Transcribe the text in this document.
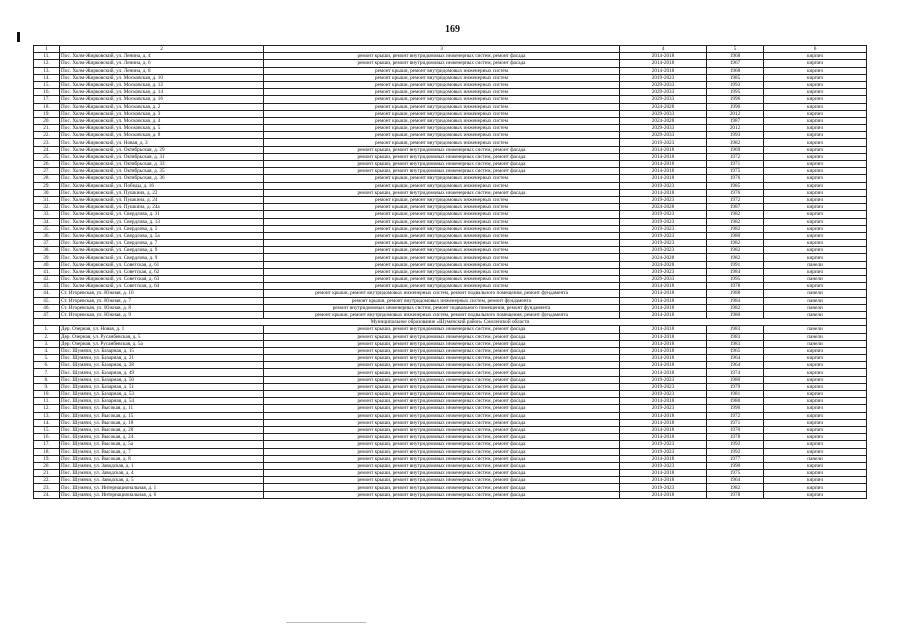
169
1	2	3	4	5	6
11.	Пос. Холм-Жирковский, ул. Ленина, д. 4	ремонт крыши, ремонт внутридомовых инженерных систем, ремонт фасада	2014-2018	1968	кирпич
12.	Пос. Холм-Жирковский, ул. Ленина, д. 6	ремонт крыши, ремонт внутридомовых инженерных систем, ремонт фасада	2014-2018	1967	кирпич
13.	Пос. Холм-Жирковский, ул. Ленина, д. 8	ремонт крыши, ремонт внутридомовых инженерных систем	2014-2018	1968	кирпич
14.	Пос. Холм-Жирковский, ул. Московская, д. 10	ремонт крыши, ремонт внутридомовых инженерных систем	2019-2023	1985	кирпич
15.	Пос. Холм-Жирковский, ул. Московская, д. 12	ремонт крыши, ремонт внутридомовых инженерных систем	2029-2033	1993	кирпич
16.	Пос. Холм-Жирковский, ул. Московская, д. 14	ремонт крыши, ремонт внутридомовых инженерных систем	2029-2033	1995	кирпич
17.	Пос. Холм-Жирковский, ул. Московская, д. 16	ремонт крыши, ремонт внутридомовых инженерных систем	2029-2033	1996	кирпич
18.	Пос. Холм-Жирковский, ул. Московская, д. 2	ремонт крыши, ремонт внутридомовых инженерных систем	2024-2028	1990	кирпич
19.	Пос. Холм-Жирковский, ул. Московская, д. 3	ремонт крыши, ремонт внутридомовых инженерных систем	2029-2033	2012	кирпич
20.	Пос. Холм-Жирковский, ул. Московская, д. 4	ремонт крыши, ремонт внутридомовых инженерных систем	2024-2028	1987	кирпич
21.	Пос. Холм-Жирковский, ул. Московская, д. 5	ремонт крыши, ремонт внутридомовых инженерных систем	2029-2033	2012	кирпич
22.	Пос. Холм-Жирковский, ул. Московская, д. 8	ремонт крыши, ремонт внутридомовых инженерных систем	2029-2033	1993	кирпич
23.	Пос. Холм-Жирковский, ул. Новая, д. 3	ремонт крыши, ремонт внутридомовых инженерных систем	2019-2023	1982	кирпич
24.	Пос. Холм-Жирковский, ул. Октябрьская, д. 29	ремонт крыши, ремонт внутридомовых инженерных систем, ремонт фасада	2014-2018	1969	кирпич
25.	Пос. Холм-Жирковский, ул. Октябрьская, д. 31	ремонт крыши, ремонт внутридомовых инженерных систем, ремонт фасада	2014-2018	1972	кирпич
26.	Пос. Холм-Жирковский, ул. Октябрьская, д. 33	ремонт крыши, ремонт внутридомовых инженерных систем, ремонт фасада	2014-2018	1971	кирпич
27.	Пос. Холм-Жирковский, ул. Октябрьская, д. 35	ремонт крыши, ремонт внутридомовых инженерных систем, ремонт фасада	2014-2018	1975	кирпич
28.	Пос. Холм-Жирковский, ул. Октябрьская, д. 36	ремонт крыши, ремонт внутридомовых инженерных систем	2014-2018	1976	кирпич
29.	Пос. Холм-Жирковский, ул. Победы, д. 16	ремонт крыши, ремонт внутридомовых инженерных систем	2019-2023	1985	кирпич
30.	Пос. Холм-Жирковский, ул. Пушкина, д. 22	ремонт крыши, ремонт внутридомовых инженерных систем, ремонт фасада	2014-2018	1976	кирпич
31.	Пос. Холм-Жирковский, ул. Пушкина, д. 24	ремонт крыши, ремонт внутридомовых инженерных систем	2019-2023	1972	кирпич
32.	Пос. Холм-Жирковский, ул. Пушкина, д. 24а	ремонт крыши, ремонт внутридомовых инженерных систем	2024-2028	1987	кирпич
33.	Пос. Холм-Жирковский, ул. Свердлова, д. 11	ремонт крыши, ремонт внутридомовых инженерных систем	2019-2023	1982	кирпич
34.	Пос. Холм-Жирковский, ул. Свердлова, д. 13	ремонт крыши, ремонт внутридомовых инженерных систем	2019-2023	1982	кирпич
35.	Пос. Холм-Жирковский, ул. Свердлова, д. 5	ремонт крыши, ремонт внутридомовых инженерных систем	2019-2023	1982	кирпич
36.	Пос. Холм-Жирковский, ул. Свердлова, д. 5а	ремонт крыши, ремонт внутридомовых инженерных систем	2019-2023	1980	кирпич
37.	Пос. Холм-Жирковский, ул. Свердлова, д. 7	ремонт крыши, ремонт внутридомовых инженерных систем	2019-2023	1982	кирпич
38.	Пос. Холм-Жирковский, ул. Свердлова, д. 9	ремонт крыши, ремонт внутридомовых инженерных систем	2019-2023	1982	кирпич
39.	Пос. Холм-Жирковский, ул. Свердлова, д. 9	ремонт крыши, ремонт внутридомовых инженерных систем	2024-2028	1982	кирпич
40.	Пос. Холм-Жирковский, ул. Советская, д. 61	ремонт крыши, ремонт внутридомовых инженерных систем	2024-2028	1991	панели
41.	Пос. Холм-Жирковский, ул. Советская, д. 62	ремонт крыши, ремонт внутридомовых инженерных систем	2019-2023	1984	кирпич
42.	Пос. Холм-Жирковский, ул. Советская, д. 63	ремонт крыши, ремонт внутридомовых инженерных систем	2029-2033	1995	панели
43.	Пос. Холм-Жирковский, ул. Советская, д. 64	ремонт крыши, ремонт внутридомовых инженерных систем	2014-2018	1978	кирпич
44.	Ст. Игоревская, ул. Южная, д. 10	ремонт крыши, ремонт внутридомовых инженерных систем, ремонт подвального помещения, ремонт фундамента	2014-2018	1988	панели
45.	Ст. Игоревская, ул. Южная, д. 7	ремонт крыши, ремонт внутридомовых инженерных систем, ремонт фундамента	2014-2018	1984	панели
46.	Ст. Игоревская, ул. Южная, д. 8	ремонт внутридомовых инженерных систем, ремонт подвального помещения, ремонт фундамента	2014-2018	1982	панели
47.	Ст. Игоревская, ул. Южная, д. 9	ремонт крыши, ремонт внутридомовых инженерных систем, ремонт подвального помещения, ремонт фундамента	2014-2018	1980	панели
Муниципальное образование «Шумячский район» Смоленской области					
1.	Дер. Озерная, ул. Новая, д. 1	ремонт крыши, ремонт внутридомовых инженерных систем, ремонт фасада	2014-2018	1983	панели
2.	Дер. Озерная, ул. Русанбевская, д. 5	ремонт крыши, ремонт внутридомовых инженерных систем, ремонт фасада	2014-2018	1983	панели
3.	Дер. Озерная, ул. Русанбевская, д. 5а	ремонт крыши, ремонт внутридомовых инженерных систем, ремонт фасада	2014-2018	1983	панели
4.	Пос. Шумячи, ул. Базарная, д. 15	ремонт крыши, ремонт внутридомовых инженерных систем, ремонт фасада	2014-2018	1965	кирпич
5.	Пос. Шумячи, ул. Базарная, д. 21	ремонт крыши, ремонт внутридомовых инженерных систем, ремонт фасада	2014-2018	1964	кирпич
6.	Пос. Шумячи, ул. Базарная, д. 28	ремонт крыши, ремонт внутридомовых инженерных систем, ремонт фасада	2014-2018	1964	кирпич
7.	Пос. Шумячи, ул. Базарная, д. 49	ремонт крыши, ремонт внутридомовых инженерных систем, ремонт фасада	2014-2018	1974	кирпич
8.	Пос. Шумячи, ул. Базарная, д. 50	ремонт крыши, ремонт внутридомовых инженерных систем, ремонт фасада	2019-2023	1980	кирпич
9.	Пос. Шумячи, ул. Базарная, д. 51	ремонт крыши, ремонт внутридомовых инженерных систем, ремонт фасада	2019-2023	1979	кирпич
10.	Пос. Шумячи, ул. Базарная, д. 53	ремонт крыши, ремонт внутридомовых инженерных систем, ремонт фасада	2019-2023	1981	кирпич
11.	Пос. Шумячи, ул. Базарная, д. 54	ремонт крыши, ремонт внутридомовых инженерных систем, ремонт фасада	2014-2018	1980	кирпич
12.	Пос. Шумячи, ул. Высокая, д. 11	ремонт крыши, ремонт внутридомовых инженерных систем, ремонт фасада	2019-2023	1990	кирпич
13.	Пос. Шумячи, ул. Высокая, д. 15	ремонт крыши, ремонт внутридомовых инженерных систем, ремонт фасада	2014-2018	1972	кирпич
14.	Пос. Шумячи, ул. Высокая, д. 18	ремонт крыши, ремонт внутридомовых инженерных систем, ремонт фасада	2014-2018	1971	кирпич
15.	Пос. Шумячи, ул. Высокая, д. 20	ремонт крыши, ремонт внутридомовых инженерных систем, ремонт фасада	2014-2018	1970	кирпич
16.	Пос. Шумячи, ул. Высокая, д. 24	ремонт крыши, ремонт внутридомовых инженерных систем, ремонт фасада	2014-2018	1978	кирпич
17.	Пос. Шумячи, ул. Высокая, д. 5а	ремонт крыши, ремонт внутридомовых инженерных систем, ремонт фасада	2019-2023	1992	кирпич
18.	Пос. Шумячи, ул. Высокая, д. 7	ремонт крыши, ремонт внутридомовых инженерных систем, ремонт фасада	2019-2023	1992	кирпич
19.	Пос. Шумячи, ул. Высокая, д. 8	ремонт крыши, ремонт внутридомовых инженерных систем, ремонт фасада	2014-2018	1977	панели
20.	Пос. Шумячи, ул. Заводская, д. 1	ремонт крыши, ремонт внутридомовых инженерных систем, ремонт фасада	2019-2023	1990	кирпич
21.	Пос. Шумячи, ул. Заводская, д. 4	ремонт крыши, ремонт внутридомовых инженерных систем, ремонт фасада	2014-2018	1975	кирпич
22.	Пос. Шумячи, ул. Заводская, д. 5	ремонт крыши, ремонт внутридомовых инженерных систем, ремонт фасада	2014-2018	1964	кирпич
23.	Пос. Шумячи, ул. Интернациональная, д. 1	ремонт крыши, ремонт внутридомовых инженерных систем, ремонт фасада	2019-2023	1982	кирпич
24.	Пос. Шумячи, ул. Интернациональная, д. 6	ремонт крыши, ремонт внутридомовых инженерных систем, ремонт фасада	2014-2018	1978	кирпич
